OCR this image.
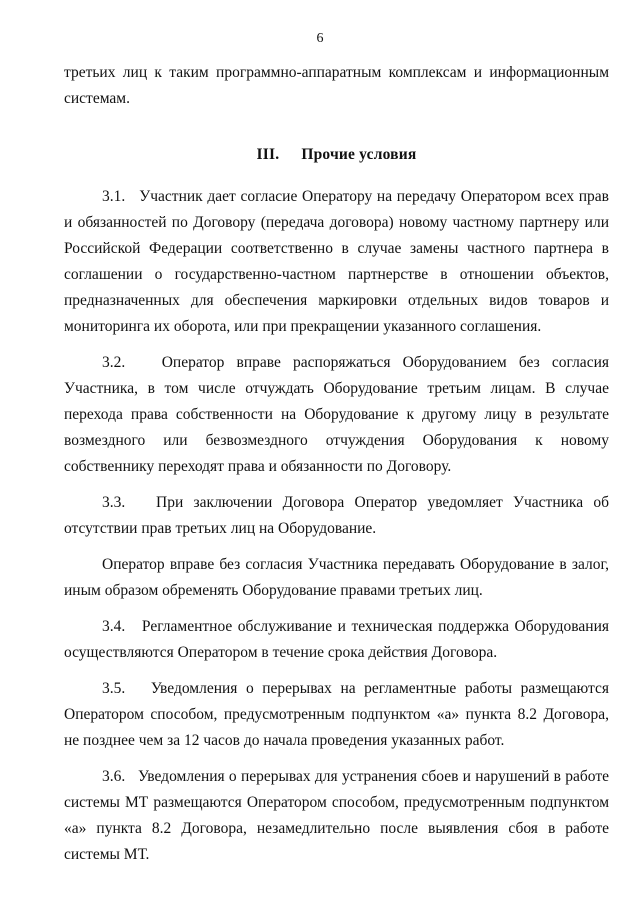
6

третьих лиц к таким программно-аппаратным комплексам и информационным системам.

III. Прочие условия

3.1.   Участник дает согласие Оператору на передачу Оператором всех прав и обязанностей по Договору (передача договора) новому частному партнеру или Российской Федерации соответственно в случае замены частного партнера в соглашении о государственно-частном партнерстве в отношении объектов, предназначенных для обеспечения маркировки отдельных видов товаров и мониторинга их оборота, или при прекращении указанного соглашения.

3.2.   Оператор вправе распоряжаться Оборудованием без согласия Участника, в том числе отчуждать Оборудование третьим лицам. В случае перехода права собственности на Оборудование к другому лицу в результате возмездного или безвозмездного отчуждения Оборудования к новому собственнику переходят права и обязанности по Договору.

3.3.   При заключении Договора Оператор уведомляет Участника об отсутствии прав третьих лиц на Оборудование.

Оператор вправе без согласия Участника передавать Оборудование в залог, иным образом обременять Оборудование правами третьих лиц.

3.4.   Регламентное обслуживание и техническая поддержка Оборудования осуществляются Оператором в течение срока действия Договора.

3.5.   Уведомления о перерывах на регламентные работы размещаются Оператором способом, предусмотренным подпунктом «а» пункта 8.2 Договора, не позднее чем за 12 часов до начала проведения указанных работ.

3.6.   Уведомления о перерывах для устранения сбоев и нарушений в работе системы МТ размещаются Оператором способом, предусмотренным подпунктом «а» пункта 8.2 Договора, незамедлительно после выявления сбоя в работе системы МТ.
